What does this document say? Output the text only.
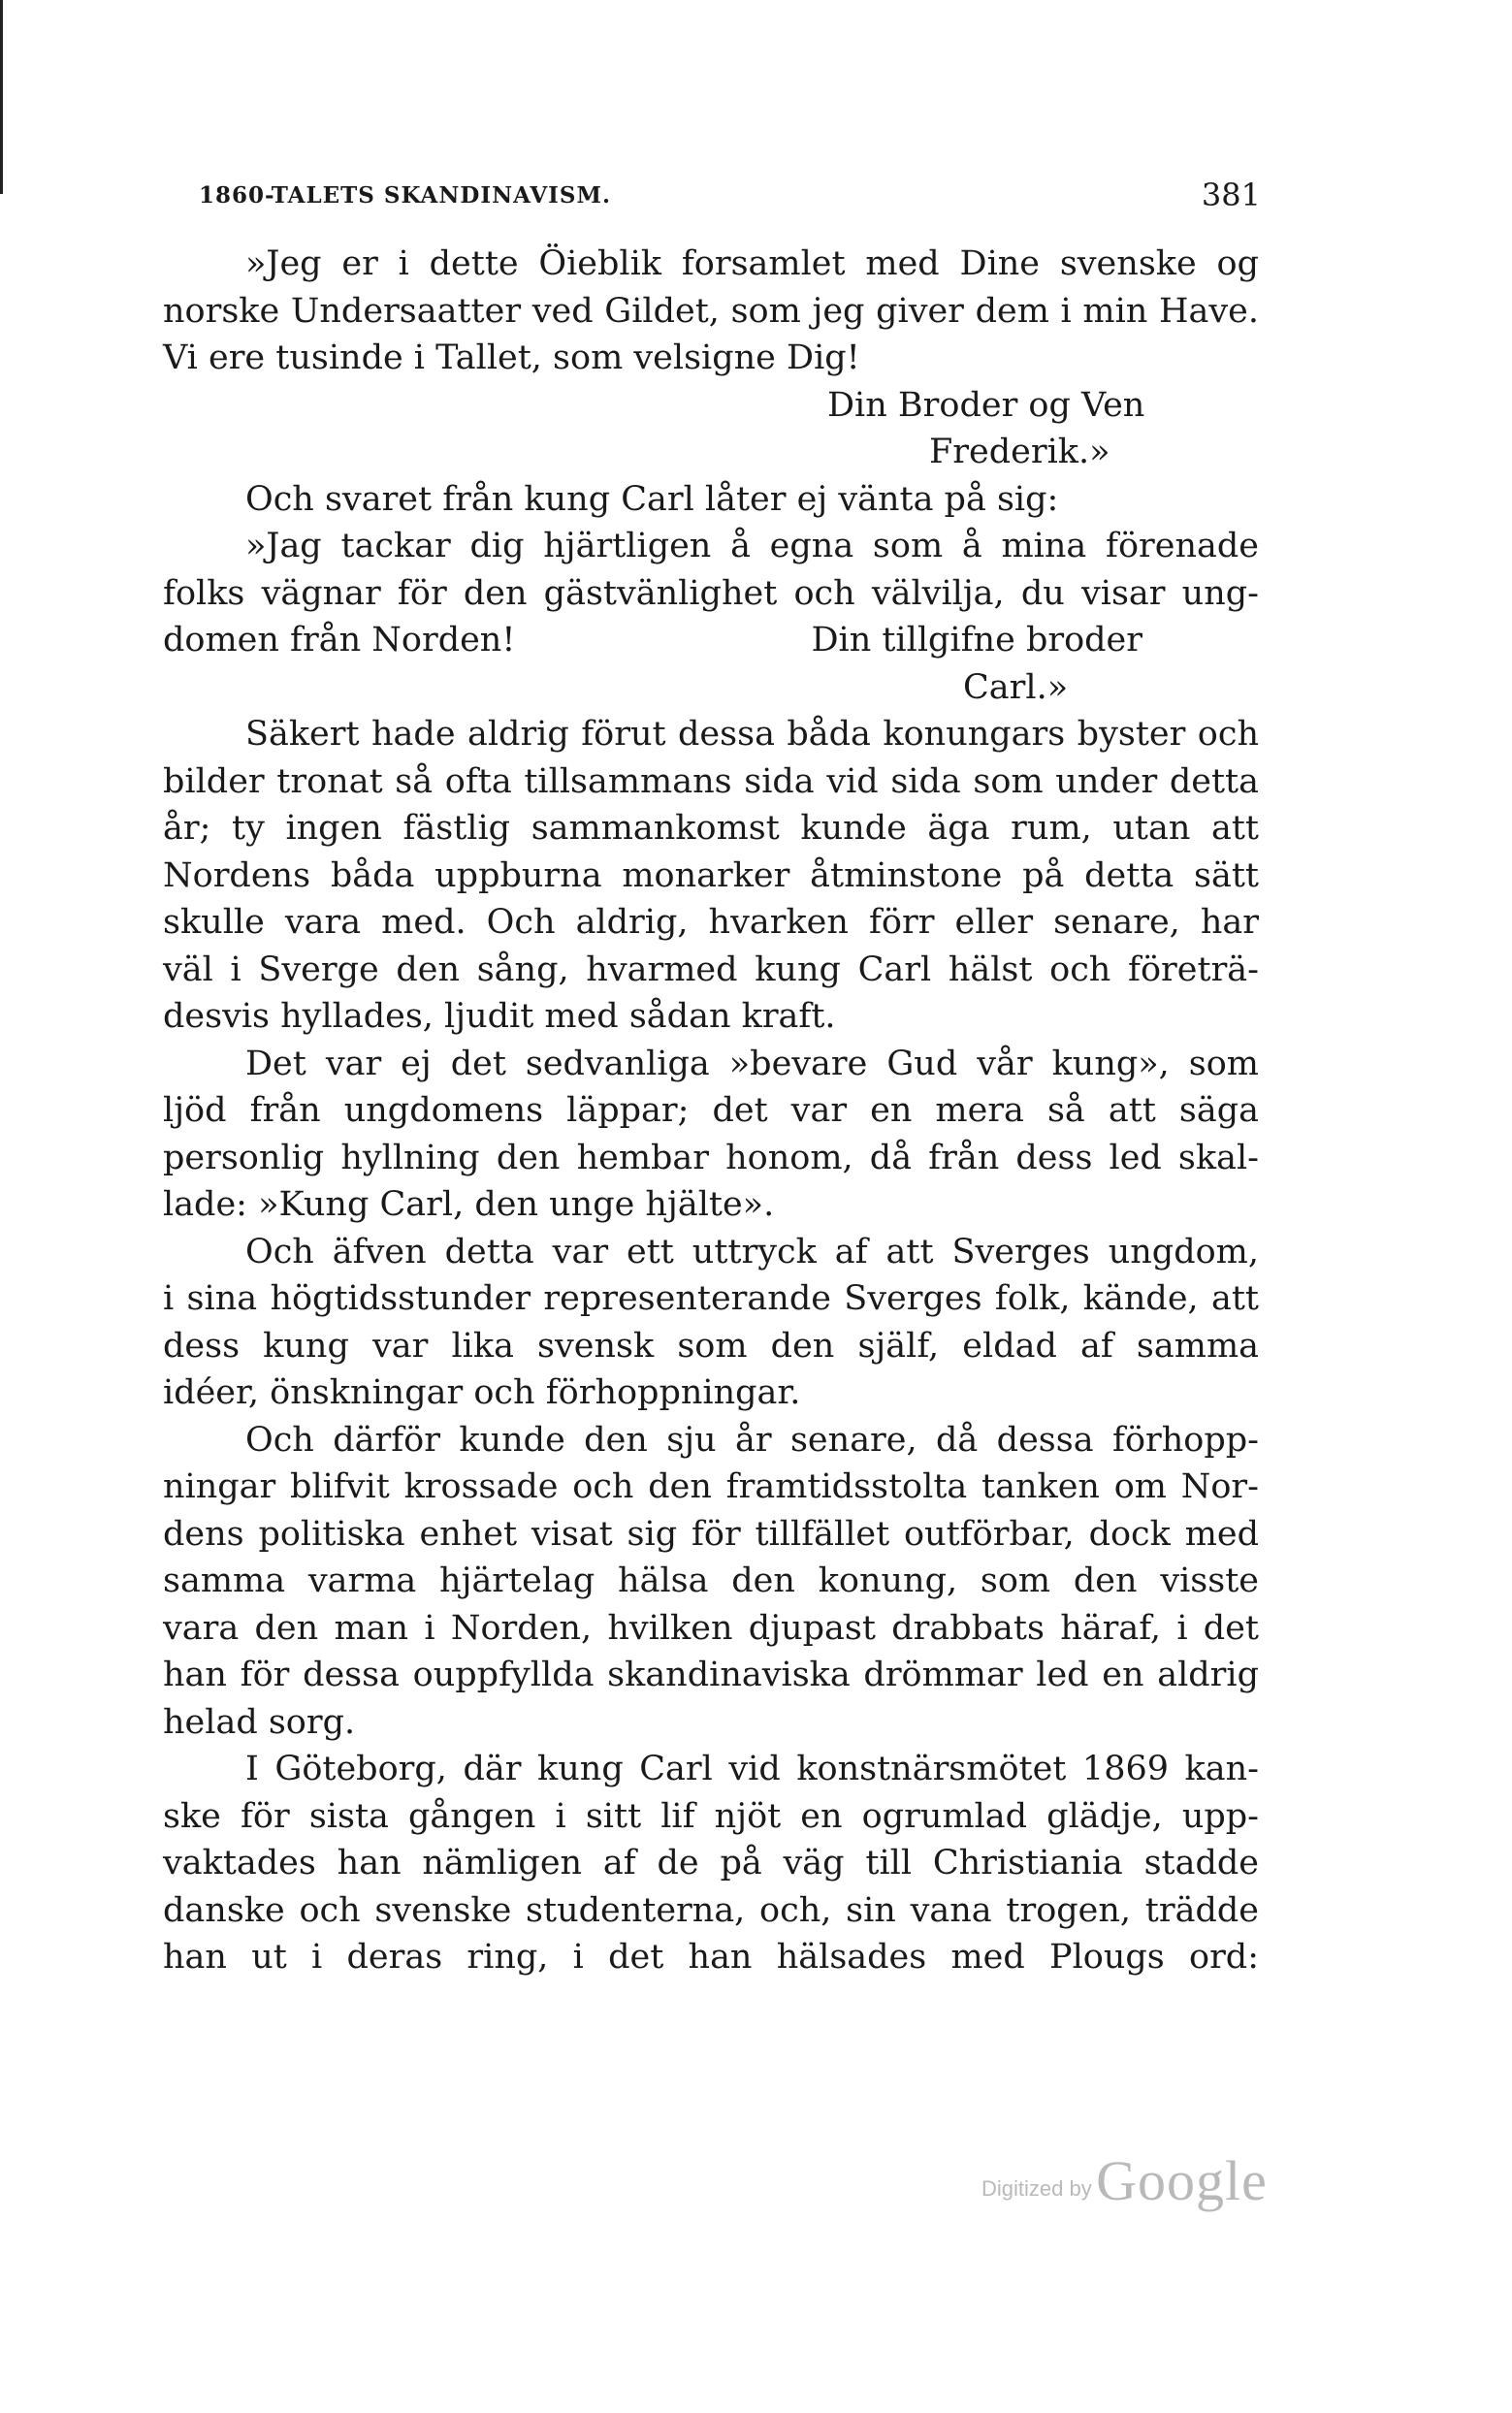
1860-TALETS SKANDINAVISM.	381
»Jeg er i dette Öieblik forsamlet med Dine svenske og
norske Undersaatter ved Gildet, som jeg giver dem i min Have.
Vi ere tusinde i Tallet, som velsigne Dig!
Din Broder og Ven
Frederik.»
Och svaret från kung Carl låter ej vänta på sig:
»Jag tackar dig hjärtligen å egna som å mina förenade
folks vägnar för den gästvänlighet och välvilja, du visar ung-
domen från Norden!	Din tillgifne broder
Carl.»
Säkert hade aldrig förut dessa båda konungars byster och
bilder tronat så ofta tillsammans sida vid sida som under detta
år; ty ingen fästlig sammankomst kunde äga rum, utan att
Nordens båda uppburna monarker åtminstone på detta sätt
skulle vara med. Och aldrig, hvarken förr eller senare, har
väl i Sverge den sång, hvarmed kung Carl hälst och företrä-
desvis hyllades, ljudit med sådan kraft.
Det var ej det sedvanliga »bevare Gud vår kung», som
ljöd från ungdomens läppar; det var en mera så att säga
personlig hyllning den hembar honom, då från dess led skal-
lade: »Kung Carl, den unge hjälte».
Och äfven detta var ett uttryck af att Sverges ungdom,
i sina högtidsstunder representerande Sverges folk, kände, att
dess kung var lika svensk som den själf, eldad af samma
idéer, önskningar och förhoppningar.
Och därför kunde den sju år senare, då dessa förhopp-
ningar blifvit krossade och den framtidsstolta tanken om Nor-
dens politiska enhet visat sig för tillfället outförbar, dock med
samma varma hjärtelag hälsa den konung, som den visste
vara den man i Norden, hvilken djupast drabbats häraf, i det
han för dessa ouppfyllda skandinaviska drömmar led en aldrig
helad sorg.
I Göteborg, där kung Carl vid konstnärsmötet 1869 kan-
ske för sista gången i sitt lif njöt en ogrumlad glädje, upp-
vaktades han nämligen af de på väg till Christiania stadde
danske och svenske studenterna, och, sin vana trogen, trädde
han ut i deras ring, i det han hälsades med Plougs ord:
Digitized by Google
